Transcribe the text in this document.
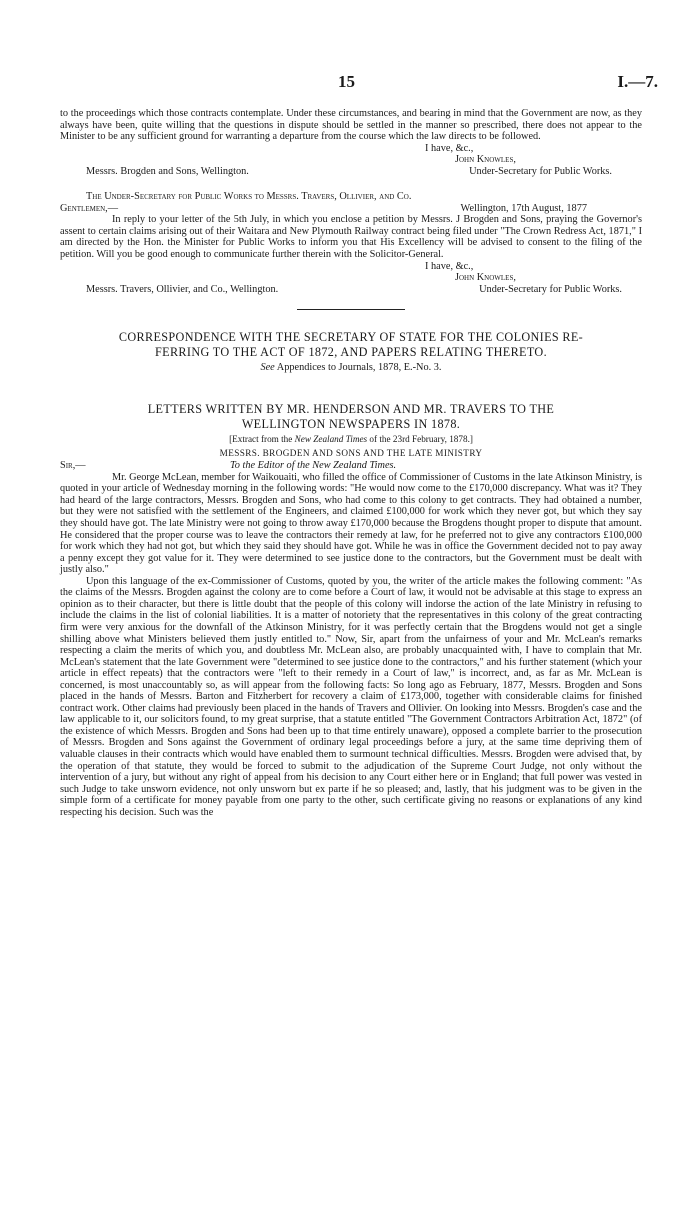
15	I.—7.

to the proceedings which those contracts contemplate. Under these circumstances, and bearing in mind that the Government are now, as they always have been, quite willing that the questions in dispute should be settled in the manner so prescribed, there does not appear to the Minister to be any sufficient ground for warranting a departure from the course which the law directs to be followed.

I have, &c.,
John Knowles,
Messrs. Brogden and Sons, Wellington.	Under-Secretary for Public Works.
The Under-Secretary for Public Works to Messrs. Travers, Ollivier, and Co.
Gentlemen,—	Wellington, 17th August, 1877

In reply to your letter of the 5th July, in which you enclose a petition by Messrs. J Brogden and Sons, praying the Governor's assent to certain claims arising out of their Waitara and New Plymouth Railway contract being filed under "The Crown Redress Act, 1871," I am directed by the Hon. the Minister for Public Works to inform you that His Excellency will be advised to consent to the filing of the petition. Will you be good enough to communicate further therein with the Solicitor-General.

I have, &c.,
John Knowles,
Messrs. Travers, Ollivier, and Co., Wellington.	Under-Secretary for Public Works.
CORRESPONDENCE WITH THE SECRETARY OF STATE FOR THE COLONIES RE-
FERRING TO THE ACT OF 1872, AND PAPERS RELATING THERETO.
See Appendices to Journals, 1878, E.-No. 3.
LETTERS WRITTEN BY MR. HENDERSON AND MR. TRAVERS TO THE
WELLINGTON NEWSPAPERS IN 1878.
[Extract from the New Zealand Times of the 23rd February, 1878.]
MESSRS. BROGDEN AND SONS AND THE LATE MINISTRY
Sir,—	To the Editor of the New Zealand Times.

Mr. George McLean, member for Waikouaiti, who filled the office of Commissioner of Customs in the late Atkinson Ministry, is quoted in your article of Wednesday morning in the following words: "He would now come to the £170,000 discrepancy. What was it? They had heard of the large contractors, Messrs. Brogden and Sons, who had come to this colony to get contracts. They had obtained a number, but they were not satisfied with the settlement of the Engineers, and claimed £100,000 for work which they never got, but which they say they should have got. The late Ministry were not going to throw away £170,000 because the Brogdens thought proper to dispute that amount. He considered that the proper course was to leave the contractors their remedy at law, for he preferred not to give any contractors £100,000 for work which they had not got, but which they said they should have got. While he was in office the Government decided not to pay away a penny except they got value for it. They were determined to see justice done to the contractors, but the Government must be dealt with justly also."

Upon this language of the ex-Commissioner of Customs, quoted by you, the writer of the article makes the following comment: "As the claims of the Messrs. Brogden against the colony are to come before a Court of law, it would not be advisable at this stage to express an opinion as to their character, but there is little doubt that the people of this colony will indorse the action of the late Ministry in refusing to include the claims in the list of colonial liabilities. It is a matter of notoriety that the representatives in this colony of the great contracting firm were very anxious for the downfall of the Atkinson Ministry, for it was perfectly certain that the Brogdens would not get a single shilling above what Ministers believed them justly entitled to." Now, Sir, apart from the unfairness of your and Mr. McLean's remarks respecting a claim the merits of which you, and doubtless Mr. McLean also, are probably unacquainted with, I have to complain that Mr. McLean's statement that the late Government were "determined to see justice done to the contractors," and his further statement (which your article in effect repeats) that the contractors were "left to their remedy in a Court of law," is incorrect, and, as far as Mr. McLean is concerned, is most unaccountably so, as will appear from the following facts: So long ago as February, 1877, Messrs. Brogden and Sons placed in the hands of Messrs. Barton and Fitzherbert for recovery a claim of £173,000, together with considerable claims for finished contract work. Other claims had previously been placed in the hands of Travers and Ollivier. On looking into Messrs. Brogden's case and the law applicable to it, our solicitors found, to my great surprise, that a statute entitled "The Government Contractors Arbitration Act, 1872" (of the existence of which Messrs. Brogden and Sons had been up to that time entirely unaware), opposed a complete barrier to the prosecution of Messrs. Brogden and Sons against the Government of ordinary legal proceedings before a jury, at the same time depriving them of valuable clauses in their contracts which would have enabled them to surmount technical difficulties. Messrs. Brogden were advised that, by the operation of that statute, they would be forced to submit to the adjudication of the Supreme Court Judge, not only without the intervention of a jury, but without any right of appeal from his decision to any Court either here or in England; that full power was vested in such Judge to take unsworn evidence, not only unsworn but ex parte if he so pleased; and, lastly, that his judgment was to be given in the simple form of a certificate for money payable from one party to the other, such certificate giving no reasons or explanations of any kind respecting his decision. Such was the
